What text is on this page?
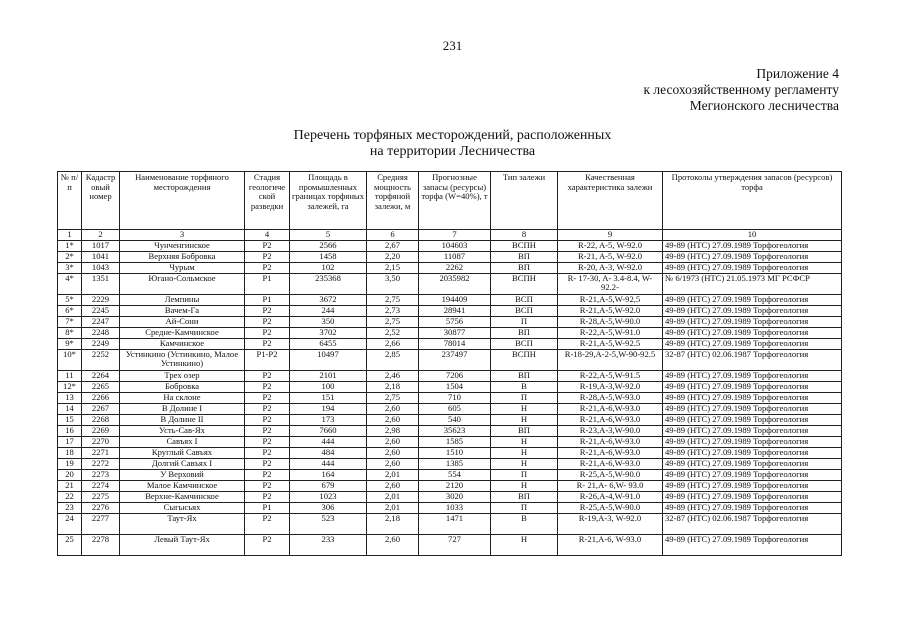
231
Приложение 4
к лесохозяйственному регламенту
Мегионского лесничества
Перечень торфяных месторождений, расположенных
на территории Лесничества
№ п/п	Кадастр овый номер	Наименование торфяного месторождения	Стадия геологиче ской разведки	Площадь в промышленных границах торфяных залежей, га	Средняя мощность торфяной залежи, м	Прогнозные запасы (ресурсы) торфа (W=40%), т	Тип залежи	Качественная характеристика залежи	Протоколы утверждения запасов (ресурсов) торфа
1	2	3	4	5	6	7	8	9	10
1*	1017	Чунченгинское	P2	2566	2,67	104603	ВСПН	R-22, A-5, W-92.0	49-89 (НТС) 27.09.1989 Торфогеология
2*	1041	Верхняя Бобровка	P2	1458	2,20	11087	ВП	R-21, A-5, W-92.0	49-89 (НТС) 27.09.1989 Торфогеология
3*	1043	Чурым	P2	102	2,15	2262	ВП	R-20, A-3, W-92.0	49-89 (НТС) 27.09.1989 Торфогеология
4*	1351	Югано-Сольмское	P1	235368	3,50	2035982	ВСПН	R- 17-30, A- 3.4-8.4, W-92.2-	№ 6/1973 (НТС) 21.05.1973 МГ РСФСР
5*	2229	Лемпины	P1	3672	2,75	194409	ВСП	R-21,A-5,W-92,5	49-89 (НТС) 27.09.1989 Торфогеология
6*	2245	Вачем-Га	P2	244	2,73	28941	ВСП	R-21,A-5,W-92.0	49-89 (НТС) 27.09.1989 Торфогеология
7*	2247	Ай-Сони	P2	350	2,75	5756	П	R-28,A-5,W-90.0	49-89 (НТС) 27.09.1989 Торфогеология
8*	2248	Средне-Камчинское	P2	3702	2,52	30877	ВП	R-22,A-5,W-91.0	49-89 (НТС) 27.09.1989 Торфогеология
9*	2249	Камчинское	P2	6455	2,66	78014	ВСП	R-21,A-5,W-92.5	49-89 (НТС) 27.09.1989 Торфогеология
10*	2252	Устинкино (Устинкино, Малое Устинкино)	P1-P2	10497	2,85	237497	ВСПН	R-18-29,A-2-5,W-90-92.5	32-87 (НТС) 02.06.1987 Торфогеология
11	2264	Трех озер	P2	2101	2,46	7206	ВП	R-22,A-5,W-91.5	49-89 (НТС) 27.09.1989 Торфогеология
12*	2265	Бобровка	P2	100	2,18	1504	В	R-19,A-3,W-92.0	49-89 (НТС) 27.09.1989 Торфогеология
13	2266	На склоне	P2	151	2,75	710	П	R-28,A-5,W-93.0	49-89 (НТС) 27.09.1989 Торфогеология
14	2267	В Долине I	P2	194	2,60	605	Н	R-21,A-6,W-93.0	49-89 (НТС) 27.09.1989 Торфогеология
15	2268	В Долине II	P2	173	2,60	540	Н	R-21,A-6,W-93.0	49-89 (НТС) 27.09.1989 Торфогеология
16	2269	Усть-Сав-Ях	P2	7660	2,98	35623	ВП	R-23,A-3,W-90.0	49-89 (НТС) 27.09.1989 Торфогеология
17	2270	Савъях I	P2	444	2,60	1585	Н	R-21,A-6,W-93.0	49-89 (НТС) 27.09.1989 Торфогеология
18	2271	Круглый Савъях	P2	484	2,60	1510	Н	R-21,A-6,W-93.0	49-89 (НТС) 27.09.1989 Торфогеология
19	2272	Долгий Савъях I	P2	444	2,60	1385	Н	R-21,A-6,W-93.0	49-89 (НТС) 27.09.1989 Торфогеология
20	2273	У Верховий	P2	164	2,01	554	П	R-25,A-5,W-90.0	49-89 (НТС) 27.09.1989 Торфогеология
21	2274	Малое Камчинское	P2	679	2,60	2120	Н	R- 21,A- 6,W- 93.0	49-89 (НТС) 27.09.1989 Торфогеология
22	2275	Верхне-Камчинское	P2	1023	2,01	3020	ВП	R-26,A-4,W-91.0	49-89 (НТС) 27.09.1989 Торфогеология
23	2276	Сыгысьях	P1	306	2,01	1033	П	R-25,A-5,W-90.0	49-89 (НТС) 27.09.1989 Торфогеология
24	2277	Таут-Ях	P2	523	2,18	1471	В	R-19,A-3, W-92.0	32-87 (НТС) 02.06.1987 Торфогеология
25	2278	Левый Таут-Ях	P2	233	2,60	727	Н	R-21,A-6, W-93.0	49-89 (НТС) 27.09.1989 Торфогеология
